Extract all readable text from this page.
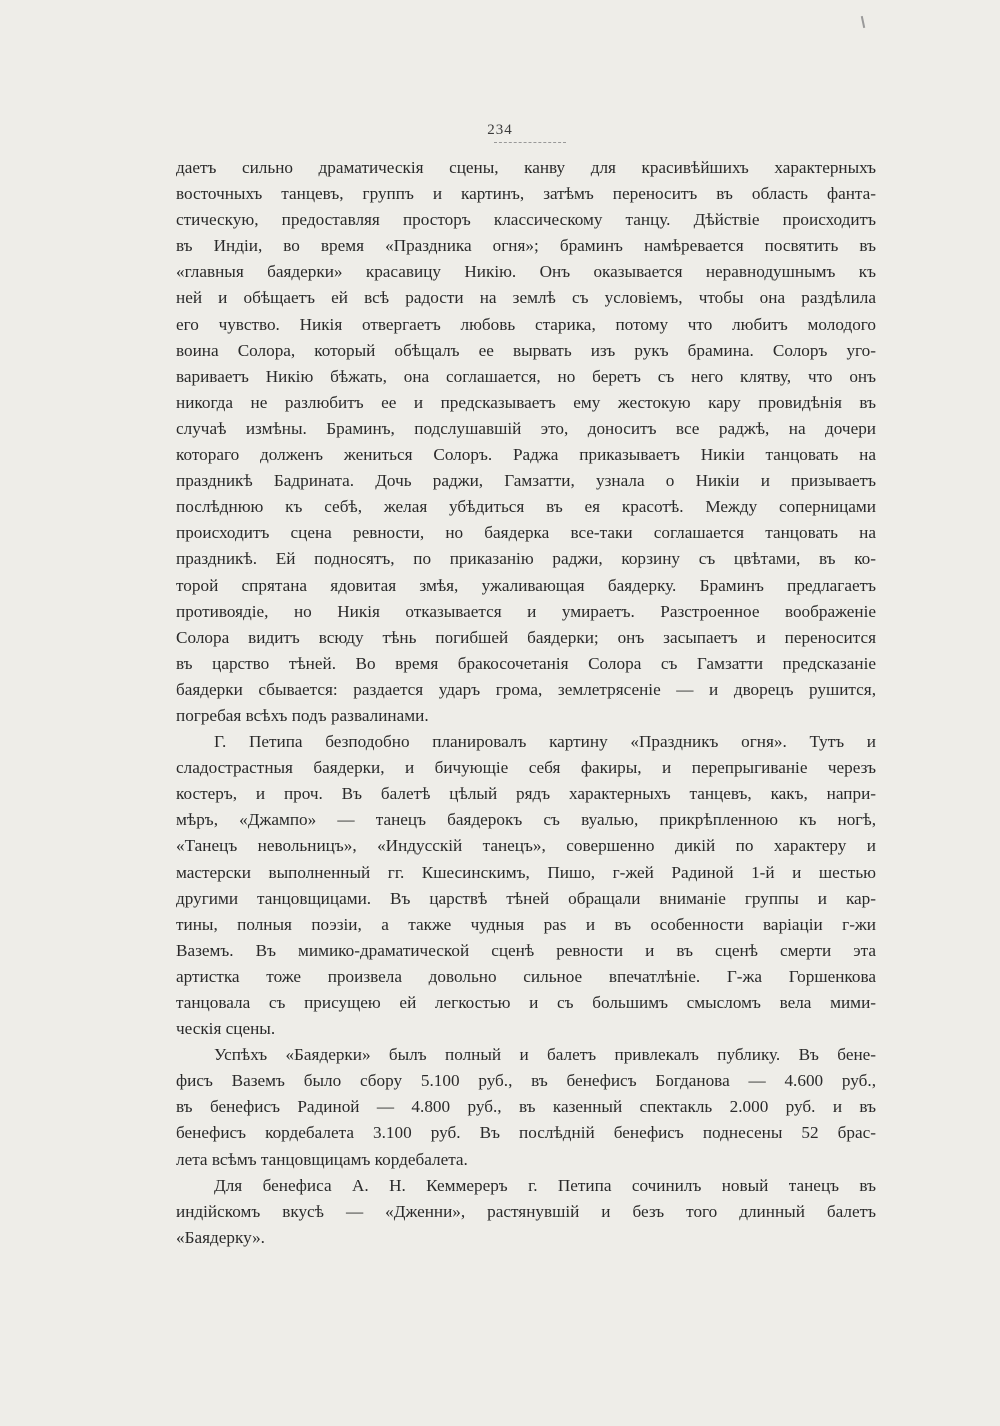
234
даетъ сильно драматическія сцены, канву для красивѣйшихъ характерныхъ
восточныхъ танцевъ, группъ и картинъ, затѣмъ переноситъ въ область фанта-
стическую, предоставляя просторъ классическому танцу. Дѣйствіе происходитъ
въ Индіи, во время «Праздника огня»; браминъ намѣревается посвятить въ
«главныя баядерки» красавицу Никію. Онъ оказывается неравнодушнымъ къ
ней и обѣщаетъ ей всѣ радости на землѣ съ условіемъ, чтобы она раздѣлила
его чувство. Никія отвергаетъ любовь старика, потому что любитъ молодого
воина Солора, который обѣщалъ ее вырвать изъ рукъ брамина. Солоръ уго-
вариваетъ Никію бѣжать, она соглашается, но беретъ съ него клятву, что онъ
никогда не разлюбитъ ее и предсказываетъ ему жестокую кару провидѣнія въ
случаѣ измѣны. Браминъ, подслушавшій это, доноситъ все раджѣ, на дочери
котораго долженъ жениться Солоръ. Раджа приказываетъ Никіи танцовать на
праздникѣ Бадрината. Дочь раджи, Гамзатти, узнала о Никіи и призываетъ
послѣднюю къ себѣ, желая убѣдиться въ ея красотѣ. Между соперницами
происходитъ сцена ревности, но баядерка все-таки соглашается танцовать на
праздникѣ. Ей подносятъ, по приказанію раджи, корзину съ цвѣтами, въ ко-
торой спрятана ядовитая змѣя, ужаливающая баядерку. Браминъ предлагаетъ
противоядіе, но Никія отказывается и умираетъ. Разстроенное воображеніе
Солора видитъ всюду тѣнь погибшей баядерки; онъ засыпаетъ и переносится
въ царство тѣней. Во время бракосочетанія Солора съ Гамзатти предсказаніе
баядерки сбывается: раздается ударъ грома, землетрясеніе — и дворецъ рушится,
погребая всѣхъ подъ развалинами.
Г. Петипа безподобно планировалъ картину «Праздникъ огня». Тутъ и
сладострастныя баядерки, и бичующіе себя факиры, и перепрыгиваніе черезъ
костеръ, и проч. Въ балетѣ цѣлый рядъ характерныхъ танцевъ, какъ, напри-
мѣръ, «Джампо» — танецъ баядерокъ съ вуалью, прикрѣпленною къ ногѣ,
«Танецъ невольницъ», «Индусскій танецъ», совершенно дикій по характеру и
мастерски выполненный гг. Кшесинскимъ, Пишо, г-жей Радиной 1-й и шестью
другими танцовщицами. Въ царствѣ тѣней обращали вниманіе группы и кар-
тины, полныя поэзіи, а также чудныя pas и въ особенности варіаціи г-жи
Ваземъ. Въ мимико-драматической сценѣ ревности и въ сценѣ смерти эта
артистка тоже произвела довольно сильное впечатлѣніе. Г-жа Горшенкова
танцовала съ присущею ей легкостью и съ большимъ смысломъ вела мими-
ческія сцены.
Успѣхъ «Баядерки» былъ полный и балетъ привлекалъ публику. Въ бене-
фисъ Ваземъ было сбору 5.100 руб., въ бенефисъ Богданова — 4.600 руб.,
въ бенефисъ Радиной — 4.800 руб., въ казенный спектакль 2.000 руб. и въ
бенефисъ кордебалета 3.100 руб. Въ послѣдній бенефисъ поднесены 52 брас-
лета всѣмъ танцовщицамъ кордебалета.
Для бенефиса А. Н. Кеммереръ г. Петипа сочинилъ новый танецъ въ
индійскомъ вкусѣ — «Дженни», растянувшій и безъ того длинный балетъ
«Баядерку».
